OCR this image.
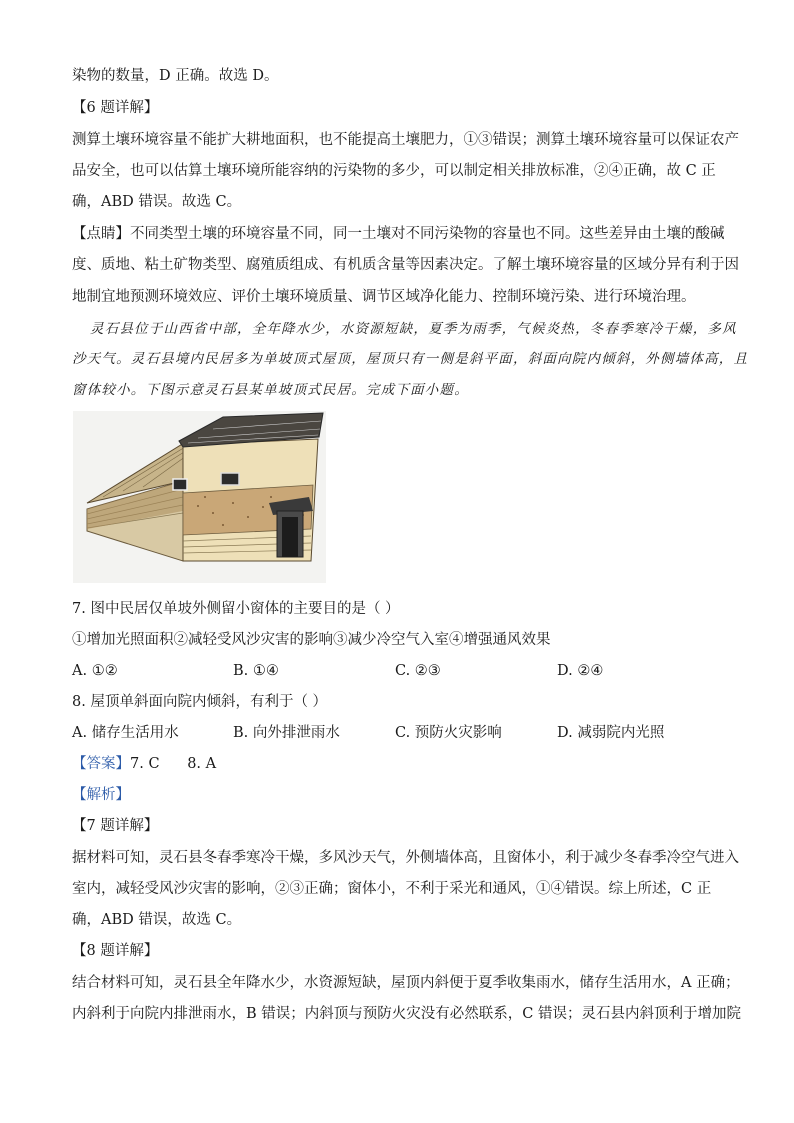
染物的数量，D 正确。故选 D。
【6 题详解】
测算土壤环境容量不能扩大耕地面积，也不能提高土壤肥力，①③错误；测算土壤环境容量可以保证农产
品安全，也可以估算土壤环境所能容纳的污染物的多少，可以制定相关排放标准，②④正确，故 C 正
确，ABD 错误。故选 C。
【点睛】不同类型土壤的环境容量不同，同一土壤对不同污染物的容量也不同。这些差异由土壤的酸碱
度、质地、粘土矿物类型、腐殖质组成、有机质含量等因素决定。了解土壤环境容量的区域分异有利于因
地制宜地预测环境效应、评价土壤环境质量、调节区域净化能力、控制环境污染、进行环境治理。
灵石县位于山西省中部，全年降水少，水资源短缺，夏季为雨季，气候炎热，冬春季寒冷干燥，多风
沙天气。灵石县境内民居多为单坡顶式屋顶，屋顶只有一侧是斜平面，斜面向院内倾斜，外侧墙体高，且
窗体较小。下图示意灵石县某单坡顶式民居。完成下面小题。
7. 图中民居仅单坡外侧留小窗体的主要目的是（ ）
①增加光照面积②减轻受风沙灾害的影响③减少冷空气入室④增强通风效果
A. ①②	B. ①④	C. ②③	D. ②④
8. 屋顶单斜面向院内倾斜，有利于（ ）
A. 储存生活用水	B. 向外排泄雨水	C. 预防火灾影响	D. 减弱院内光照
【答案】7. C      8. A
【解析】
【7 题详解】
据材料可知，灵石县冬春季寒冷干燥，多风沙天气，外侧墙体高，且窗体小，利于减少冬春季冷空气进入
室内，减轻受风沙灾害的影响，②③正确；窗体小，不利于采光和通风，①④错误。综上所述，C 正
确，ABD 错误，故选 C。
【8 题详解】
结合材料可知，灵石县全年降水少，水资源短缺，屋顶内斜便于夏季收集雨水，储存生活用水，A 正确；
内斜利于向院内排泄雨水，B 错误；内斜顶与预防火灾没有必然联系，C 错误；灵石县内斜顶利于增加院
